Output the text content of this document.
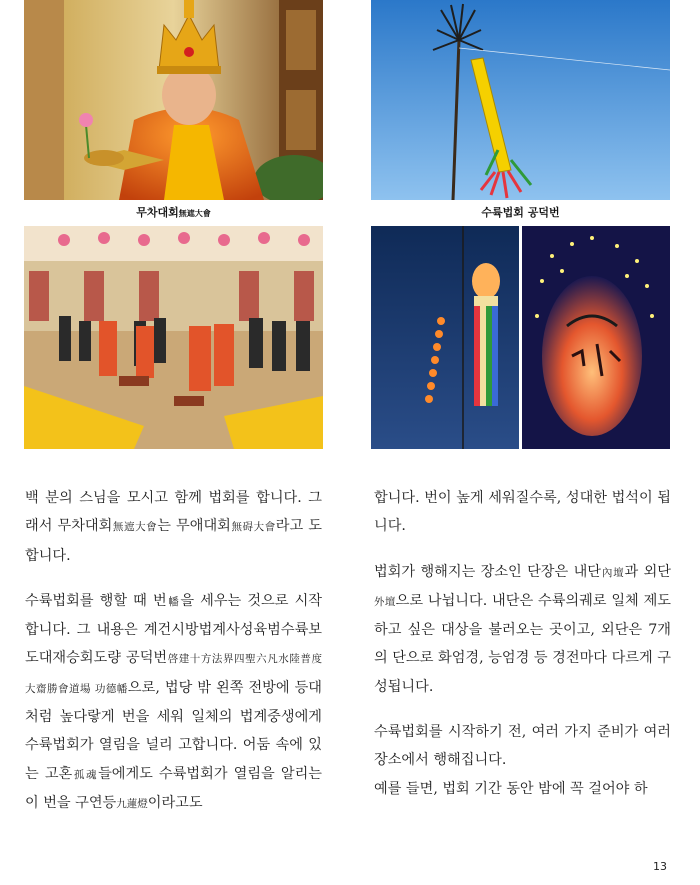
무차대회無遮大會	수륙법회 공덕번

백 분의 스님을 모시고 함께 법회를 합니다. 그 래서 무차대회無遮大會는 무애대회無碍大會라고 도 합니다.

수륙법회를 행할 때 번幡을 세우는 것으로 시작합니다. 그 내용은 계건시방법계사성육범수륙보도대재승회도량 공덕번啓建十方法界四聖六凡水陸普度大齋勝會道場 功德幡으로, 법당 밖 왼쪽 전방에 등대처럼 높다랗게 번을 세워 일체의 법계중생에게 수륙법회가 열림을 널리 고합니다. 어둠 속에 있는 고혼孤魂들에게도 수륙법회가 열림을 알리는 이 번을 구연등九蓮燈이라고도

합니다. 번이 높게 세워질수록, 성대한 법석이 됩니다.

법회가 행해지는 장소인 단장은 내단內壇과 외단外壇으로 나뉩니다. 내단은 수륙의궤로 일체 제도하고 싶은 대상을 불러오는 곳이고, 외단은 7개의 단으로 화엄경, 능엄경 등 경전마다 다르게 구성됩니다.

수륙법회를 시작하기 전, 여러 가지 준비가 여러 장소에서 행해집니다.

예를 들면, 법회 기간 동안 밤에 꼭 걸어야 하

13
